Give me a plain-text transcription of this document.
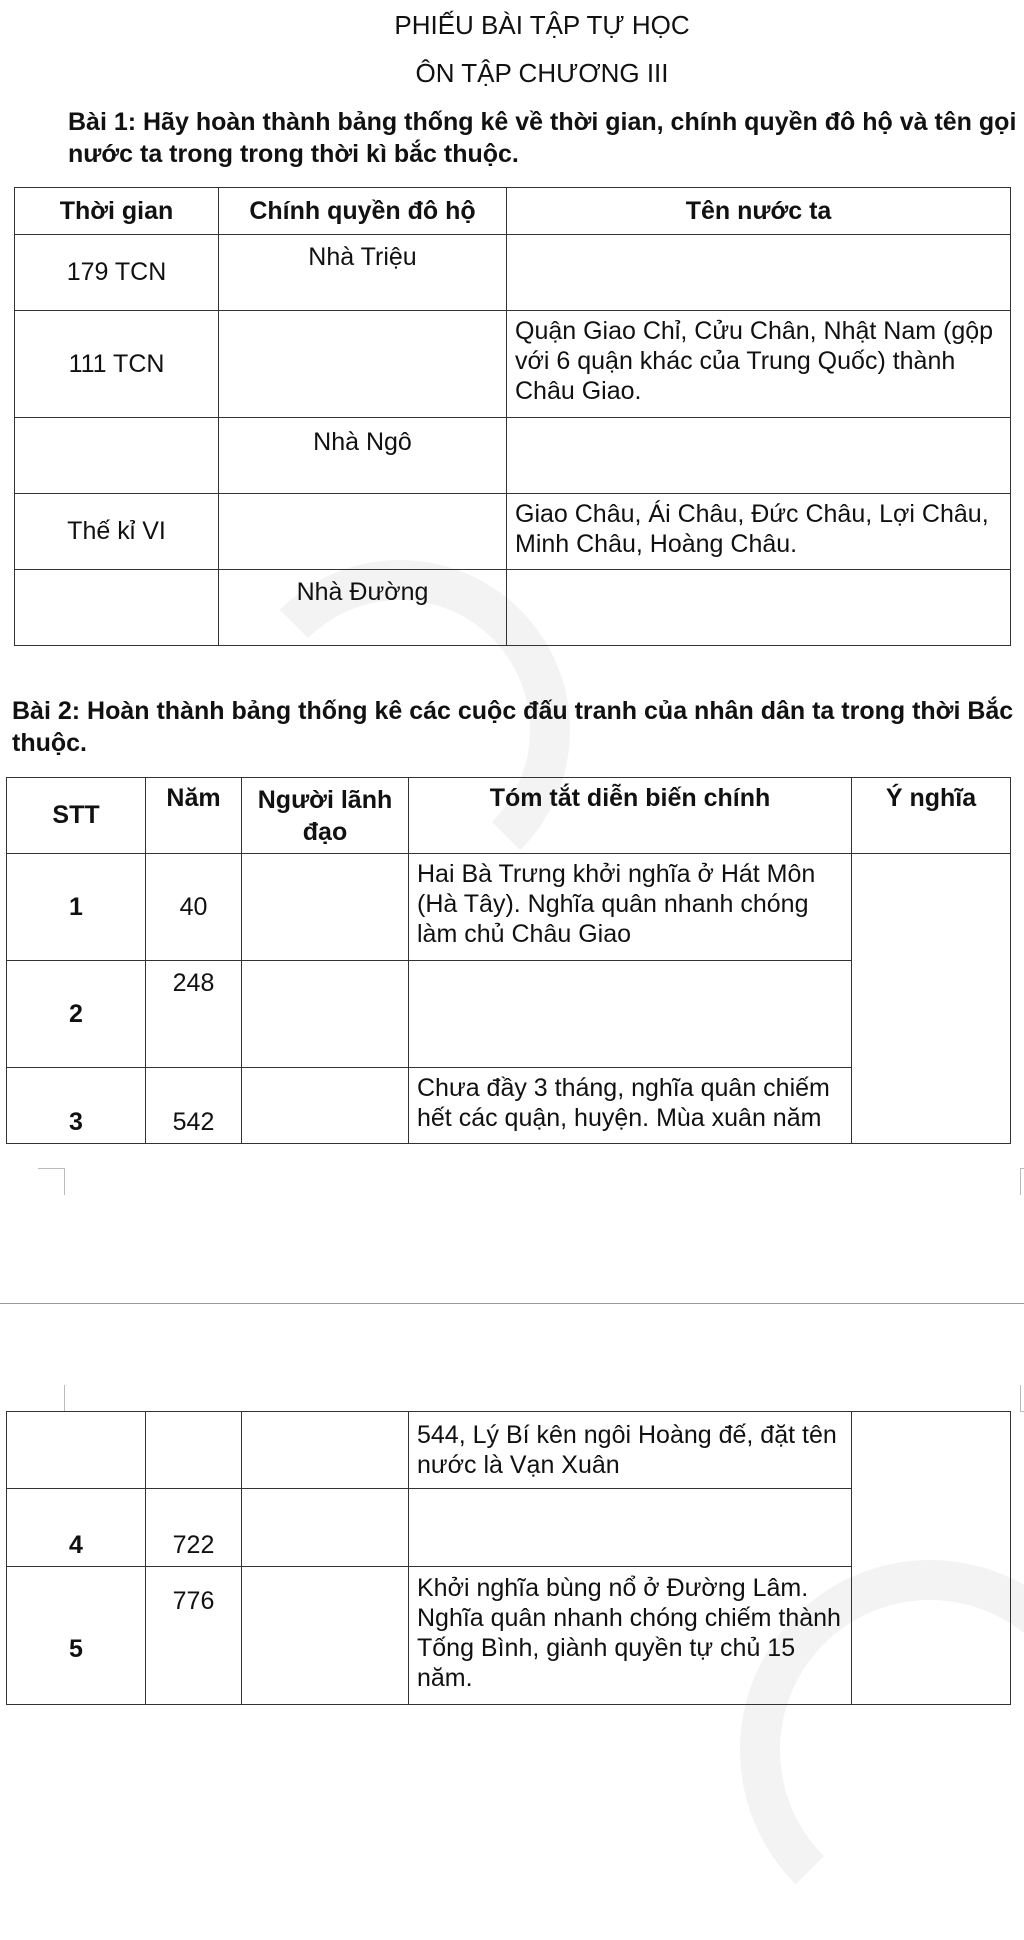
PHIẾU BÀI TẬP TỰ HỌC
ÔN TẬP CHƯƠNG III
Bài 1: Hãy hoàn thành bảng thống kê về thời gian, chính quyền đô hộ và tên gọi
nước ta trong trong thời kì bắc thuộc.
Thời gian	Chính quyền đô hộ	Tên nước ta
179 TCN	Nhà Triệu	
111 TCN		Quận Giao Chỉ, Cửu Chân, Nhật Nam (gộp với 6 quận khác của Trung Quốc) thành Châu Giao.
	Nhà Ngô	
Thế kỉ VI		Giao Châu, Ái Châu, Đức Châu, Lợi Châu, Minh Châu, Hoàng Châu.
	Nhà Đường	
Bài 2: Hoàn thành bảng thống kê các cuộc đấu tranh của nhân dân ta trong thời Bắc
thuộc.
STT	Năm	Người lãnh đạo	Tóm tắt diễn biến chính	Ý nghĩa
1	40		Hai Bà Trưng khởi nghĩa ở Hát Môn (Hà Tây). Nghĩa quân nhanh chóng làm chủ Châu Giao	
2	248			
3	542		Chưa đầy 3 tháng, nghĩa quân chiếm hết các quận, huyện. Mùa xuân năm	
			544, Lý Bí kên ngôi Hoàng đế, đặt tên nước là Vạn Xuân	
4	722			
5	776		Khởi nghĩa bùng nổ ở Đường Lâm. Nghĩa quân nhanh chóng chiếm thành Tống Bình, giành quyền tự chủ 15 năm.	
